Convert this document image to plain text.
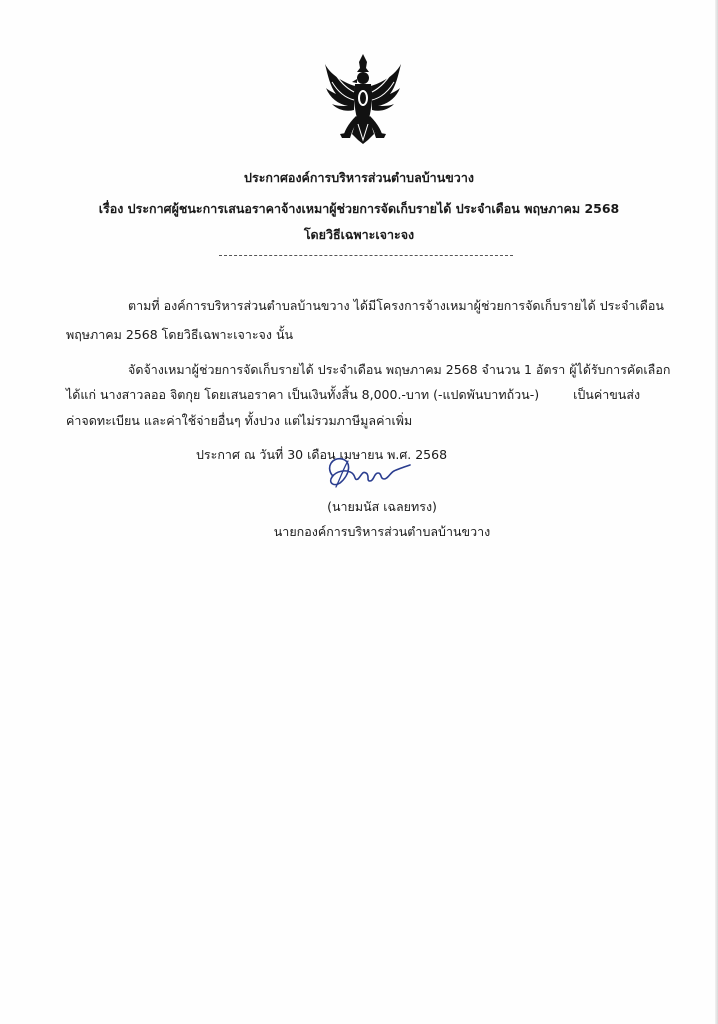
ประกาศองค์การบริหารส่วนตำบลบ้านขวาง
เรื่อง ประกาศผู้ชนะการเสนอราคาจ้างเหมาผู้ช่วยการจัดเก็บรายได้ ประจำเดือน พฤษภาคม 2568
โดยวิธีเฉพาะเจาะจง
ตามที่ องค์การบริหารส่วนตำบลบ้านขวาง ได้มีโครงการจ้างเหมาผู้ช่วยการจัดเก็บรายได้ ประจำเดือน
พฤษภาคม 2568 โดยวิธีเฉพาะเจาะจง นั้น
จัดจ้างเหมาผู้ช่วยการจัดเก็บรายได้ ประจำเดือน พฤษภาคม 2568 จำนวน 1 อัตรา ผู้ได้รับการคัดเลือก
ได้แก่ นางสาวลออ จิตกุย โดยเสนอราคา เป็นเงินทั้งสิ้น 8,000.-บาท (-แปดพันบาทถ้วน-)	เป็นค่าขนส่ง
ค่าจดทะเบียน และค่าใช้จ่ายอื่นๆ ทั้งปวง แต่ไม่รวมภาษีมูลค่าเพิ่ม
ประกาศ ณ วันที่ 30 เดือน เมษายน พ.ศ. 2568
(นายมนัส เฉลยทรง)
นายกองค์การบริหารส่วนตำบลบ้านขวาง
